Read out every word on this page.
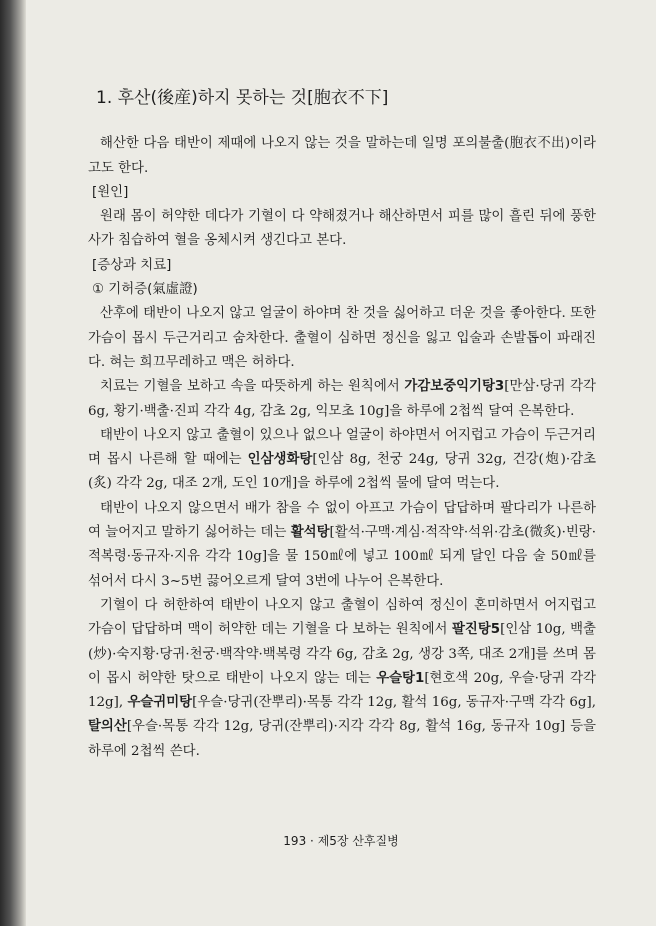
1. 후산(後産)하지 못하는 것[胞衣不下]

해산한 다음 태반이 제때에 나오지 않는 것을 말하는데 일명 포의불출(胞衣不出)이라고도 한다.

[원인]

원래 몸이 허약한 데다가 기혈이 다 약해졌거나 해산하면서 피를 많이 흘린 뒤에 풍한사가 침습하여 혈을 옹체시켜 생긴다고 본다.

[증상과 치료]
① 기허증(氣虛證)

산후에 태반이 나오지 않고 얼굴이 하야며 찬 것을 싫어하고 더운 것을 좋아한다. 또한 가슴이 몹시 두근거리고 숨차한다. 출혈이 심하면 정신을 잃고 입술과 손발톱이 파래진다. 혀는 희끄무레하고 맥은 허하다.

치료는 기혈을 보하고 속을 따뜻하게 하는 원칙에서 가감보중익기탕3[만삼·당귀 각각 6g, 황기·백출·진피 각각 4g, 감초 2g, 익모초 10g]을 하루에 2첩씩 달여 은복한다.

태반이 나오지 않고 출혈이 있으나 없으나 얼굴이 하야면서 어지럽고 가슴이 두근거리며 몹시 나른해 할 때에는 인삼생화탕[인삼 8g, 천궁 24g, 당귀 32g, 건강(炮)·감초(炙) 각각 2g, 대조 2개, 도인 10개]을 하루에 2첩씩 물에 달여 먹는다.

태반이 나오지 않으면서 배가 참을 수 없이 아프고 가슴이 답답하며 팔다리가 나른하여 늘어지고 말하기 싫어하는 데는 활석탕[활석·구맥·계심·적작약·석위·감초(微炙)·빈랑·적복령·동규자·지유 각각 10g]을 물 150㎖에 넣고 100㎖ 되게 달인 다음 술 50㎖를 섞어서 다시 3~5번 끓어오르게 달여 3번에 나누어 은복한다.

기혈이 다 허한하여 태반이 나오지 않고 출혈이 심하여 정신이 혼미하면서 어지럽고 가슴이 답답하며 맥이 허약한 데는 기혈을 다 보하는 원칙에서 팔진탕5[인삼 10g, 백출(炒)·숙지황·당귀·천궁·백작약·백복령 각각 6g, 감초 2g, 생강 3쪽, 대조 2개]를 쓰며 몸이 몹시 허약한 탓으로 태반이 나오지 않는 데는 우슬탕1[현호색 20g, 우슬·당귀 각각 12g], 우슬귀미탕[우슬·당귀(잔뿌리)·목통 각각 12g, 활석 16g, 동규자·구맥 각각 6g], 탈의산[우슬·목통 각각 12g, 당귀(잔뿌리)·지각 각각 8g, 활석 16g, 동규자 10g] 등을 하루에 2첩씩 쓴다.

193 · 제5장 산후질병
